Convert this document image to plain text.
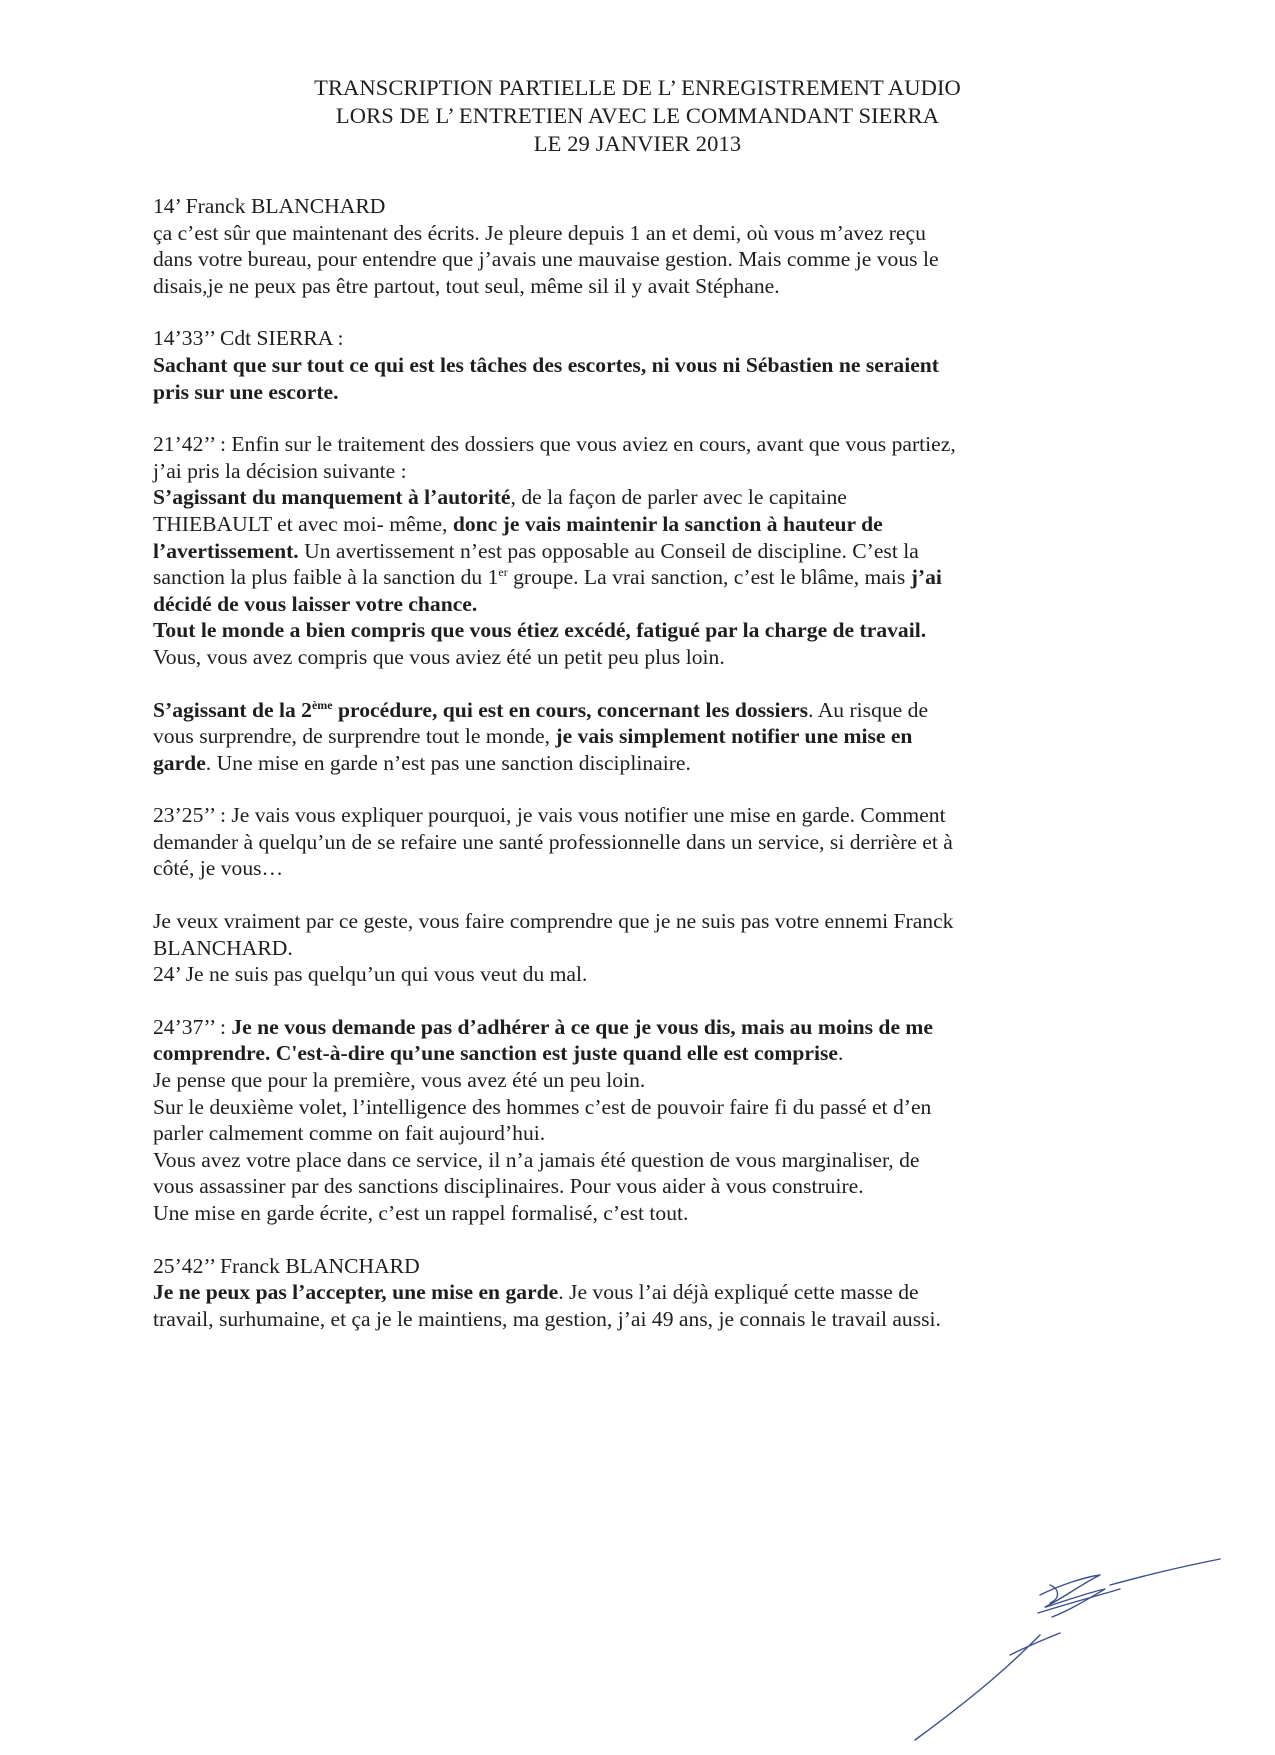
TRANSCRIPTION PARTIELLE DE L’ ENREGISTREMENT AUDIO
LORS DE L’ ENTRETIEN AVEC LE COMMANDANT SIERRA
LE 29 JANVIER 2013
14’ Franck BLANCHARD
ça c’est sûr que maintenant des écrits. Je pleure depuis 1 an et demi, où vous m’avez reçu
dans votre bureau, pour entendre que j’avais une mauvaise gestion. Mais comme je vous le
disais,je ne peux pas être partout, tout seul, même sil il y avait Stéphane.
14’33’’ Cdt SIERRA :
Sachant que sur tout ce qui est les tâches des escortes, ni vous ni Sébastien ne seraient
pris sur une escorte.
21’42’’ : Enfin sur le traitement des dossiers que vous aviez en cours, avant que vous partiez,
j’ai pris la décision suivante :
S’agissant du manquement à l’autorité, de la façon de parler avec le capitaine
THIEBAULT et avec moi- même, donc je vais maintenir la sanction à hauteur de
l’avertissement. Un avertissement n’est pas opposable au Conseil de discipline. C’est la
sanction la plus faible à la sanction du 1er groupe. La vrai sanction, c’est le blâme, mais j’ai
décidé de vous laisser votre chance.
Tout le monde a bien compris que vous étiez excédé, fatigué par la charge de travail.
Vous, vous avez compris que vous aviez été un petit peu plus loin.
S’agissant de la 2ème procédure, qui est en cours, concernant les dossiers. Au risque de
vous surprendre, de surprendre tout le monde, je vais simplement notifier une mise en
garde. Une mise en garde n’est pas une sanction disciplinaire.
23’25’’ : Je vais vous expliquer pourquoi, je vais vous notifier une mise en garde. Comment
demander à quelqu’un de se refaire une santé professionnelle dans un service, si derrière et à
côté, je vous…
Je veux vraiment par ce geste, vous faire comprendre que je ne suis pas votre ennemi Franck
BLANCHARD.
24’ Je ne suis pas quelqu’un qui vous veut du mal.
24’37’’ : Je ne vous demande pas d’adhérer à ce que je vous dis, mais au moins de me
comprendre. C'est-à-dire qu’une sanction est juste quand elle est comprise.
Je pense que pour la première, vous avez été un peu loin.
Sur le deuxième volet, l’intelligence des hommes c’est de pouvoir faire fi du passé et d’en
parler calmement comme on fait aujourd’hui.
Vous avez votre place dans ce service, il n’a jamais été question de vous marginaliser, de
vous assassiner par des sanctions disciplinaires. Pour vous aider à vous construire.
Une mise en garde écrite, c’est un rappel formalisé, c’est tout.
25’42’’ Franck BLANCHARD
Je ne peux pas l’accepter, une mise en garde. Je vous l’ai déjà expliqué cette masse de
travail, surhumaine, et ça je le maintiens, ma gestion, j’ai 49 ans, je connais le travail aussi.
